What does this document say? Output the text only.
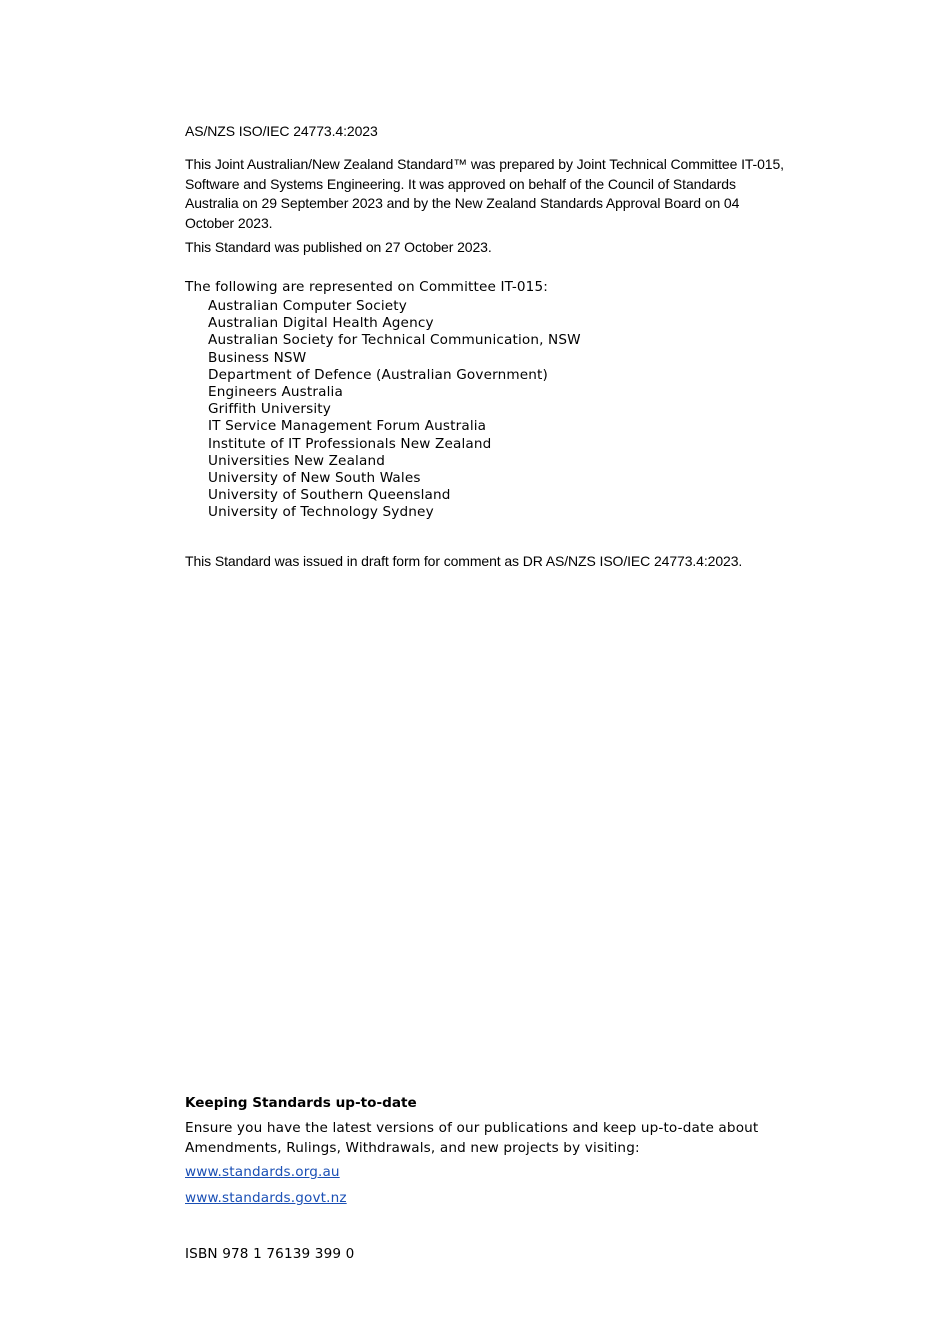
AS/NZS ISO/IEC 24773.4:2023

This Joint Australian/New Zealand Standard™ was prepared by Joint Technical Committee IT-015, Software and Systems Engineering. It was approved on behalf of the Council of Standards Australia on 29 September 2023 and by the New Zealand Standards Approval Board on 04 October 2023.

This Standard was published on 27 October 2023.

The following are represented on Committee IT-015:

Australian Computer Society
Australian Digital Health Agency
Australian Society for Technical Communication, NSW
Business NSW
Department of Defence (Australian Government)
Engineers Australia
Griffith University
IT Service Management Forum Australia
Institute of IT Professionals New Zealand
Universities New Zealand
University of New South Wales
University of Southern Queensland
University of Technology Sydney

This Standard was issued in draft form for comment as DR AS/NZS ISO/IEC 24773.4:2023.

Keeping Standards up-to-date

Ensure you have the latest versions of our publications and keep up-to-date about Amendments, Rulings, Withdrawals, and new projects by visiting:

www.standards.org.au
www.standards.govt.nz

ISBN 978 1 76139 399 0
